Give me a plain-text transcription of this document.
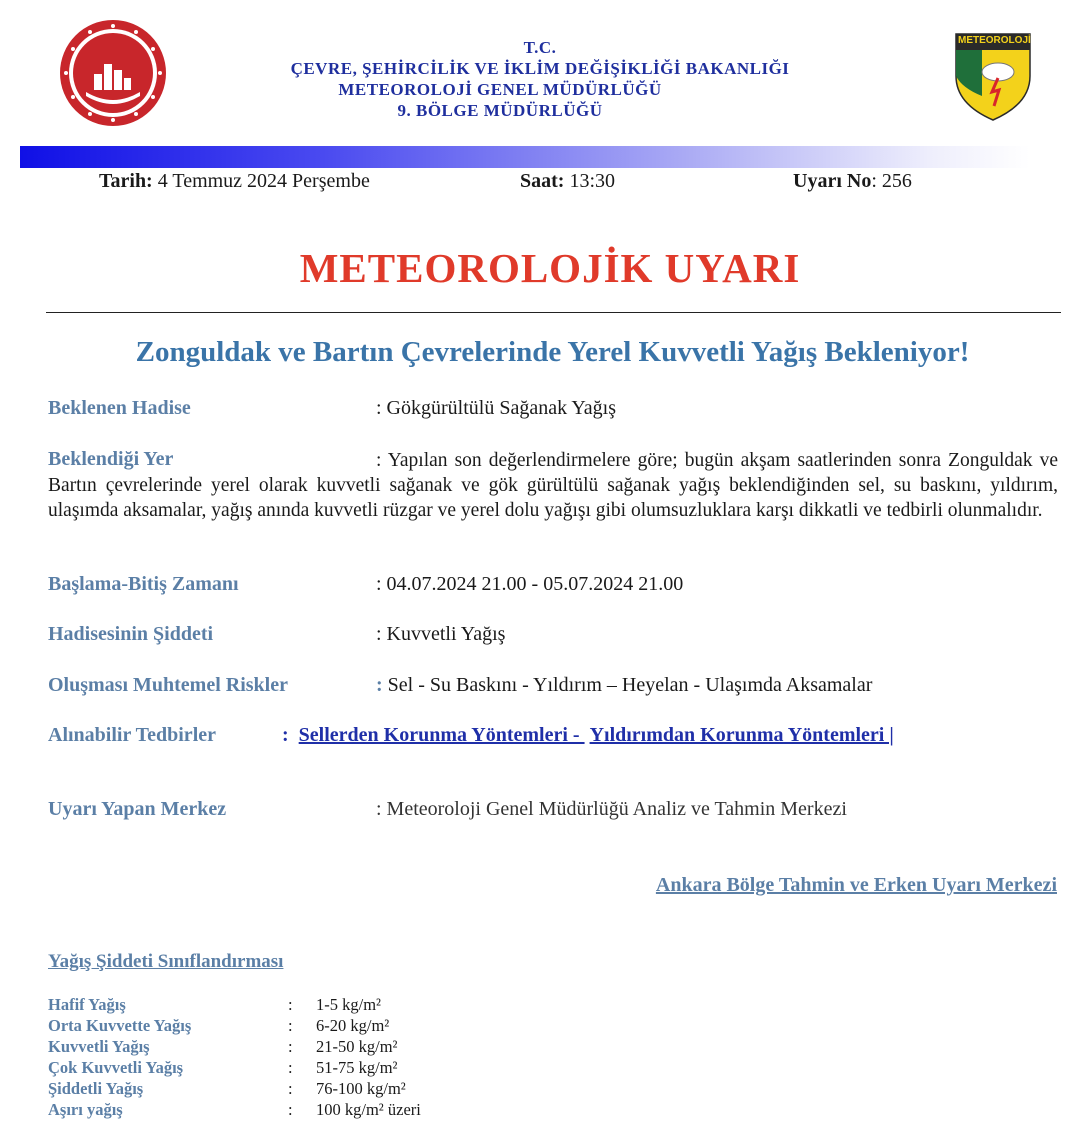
T.C.
ÇEVRE, ŞEHİRCİLİK VE İKLİM DEĞİŞİKLİĞİ BAKANLIĞI
METEOROLOJİ GENEL MÜDÜRLÜĞÜ
9. BÖLGE MÜDÜRLÜĞÜ
METEOROLOJİ
Tarih: 4 Temmuz 2024 Perşembe	Saat: 13:30	Uyarı No: 256
METEOROLOJİK UYARI
Zonguldak ve Bartın Çevrelerinde Yerel Kuvvetli Yağış Bekleniyor!
Beklenen Hadise	: Gökgürültülü Sağanak Yağış
Beklendiği Yer	: Yapılan son değerlendirmelere göre; bugün akşam saatlerinden sonra Zonguldak ve Bartın çevrelerinde yerel olarak kuvvetli sağanak ve gök gürültülü sağanak yağış beklendiğinden sel, su baskını, yıldırım, ulaşımda aksamalar, yağış anında kuvvetli rüzgar ve yerel dolu yağışı gibi olumsuzluklara karşı dikkatli ve tedbirli olunmalıdır.
Başlama-Bitiş Zamanı	: 04.07.2024 21.00 - 05.07.2024 21.00
Hadisesinin Şiddeti	: Kuvvetli Yağış
Oluşması Muhtemel Riskler	: Sel - Su Baskını - Yıldırım – Heyelan - Ulaşımda Aksamalar
Alınabilir Tedbirler	: Sellerden Korunma Yöntemleri -  Yıldırımdan Korunma Yöntemleri |
Uyarı Yapan Merkez	: Meteoroloji Genel Müdürlüğü Analiz ve Tahmin Merkezi
Ankara Bölge Tahmin ve Erken Uyarı Merkezi
Yağış Şiddeti Sınıflandırması
Hafif Yağış	: 1-5 kg/m²
Orta Kuvvette Yağış	: 6-20 kg/m²
Kuvvetli Yağış	: 21-50 kg/m²
Çok Kuvvetli Yağış	: 51-75 kg/m²
Şiddetli Yağış	: 76-100 kg/m²
Aşırı yağış	: 100 kg/m² üzeri
